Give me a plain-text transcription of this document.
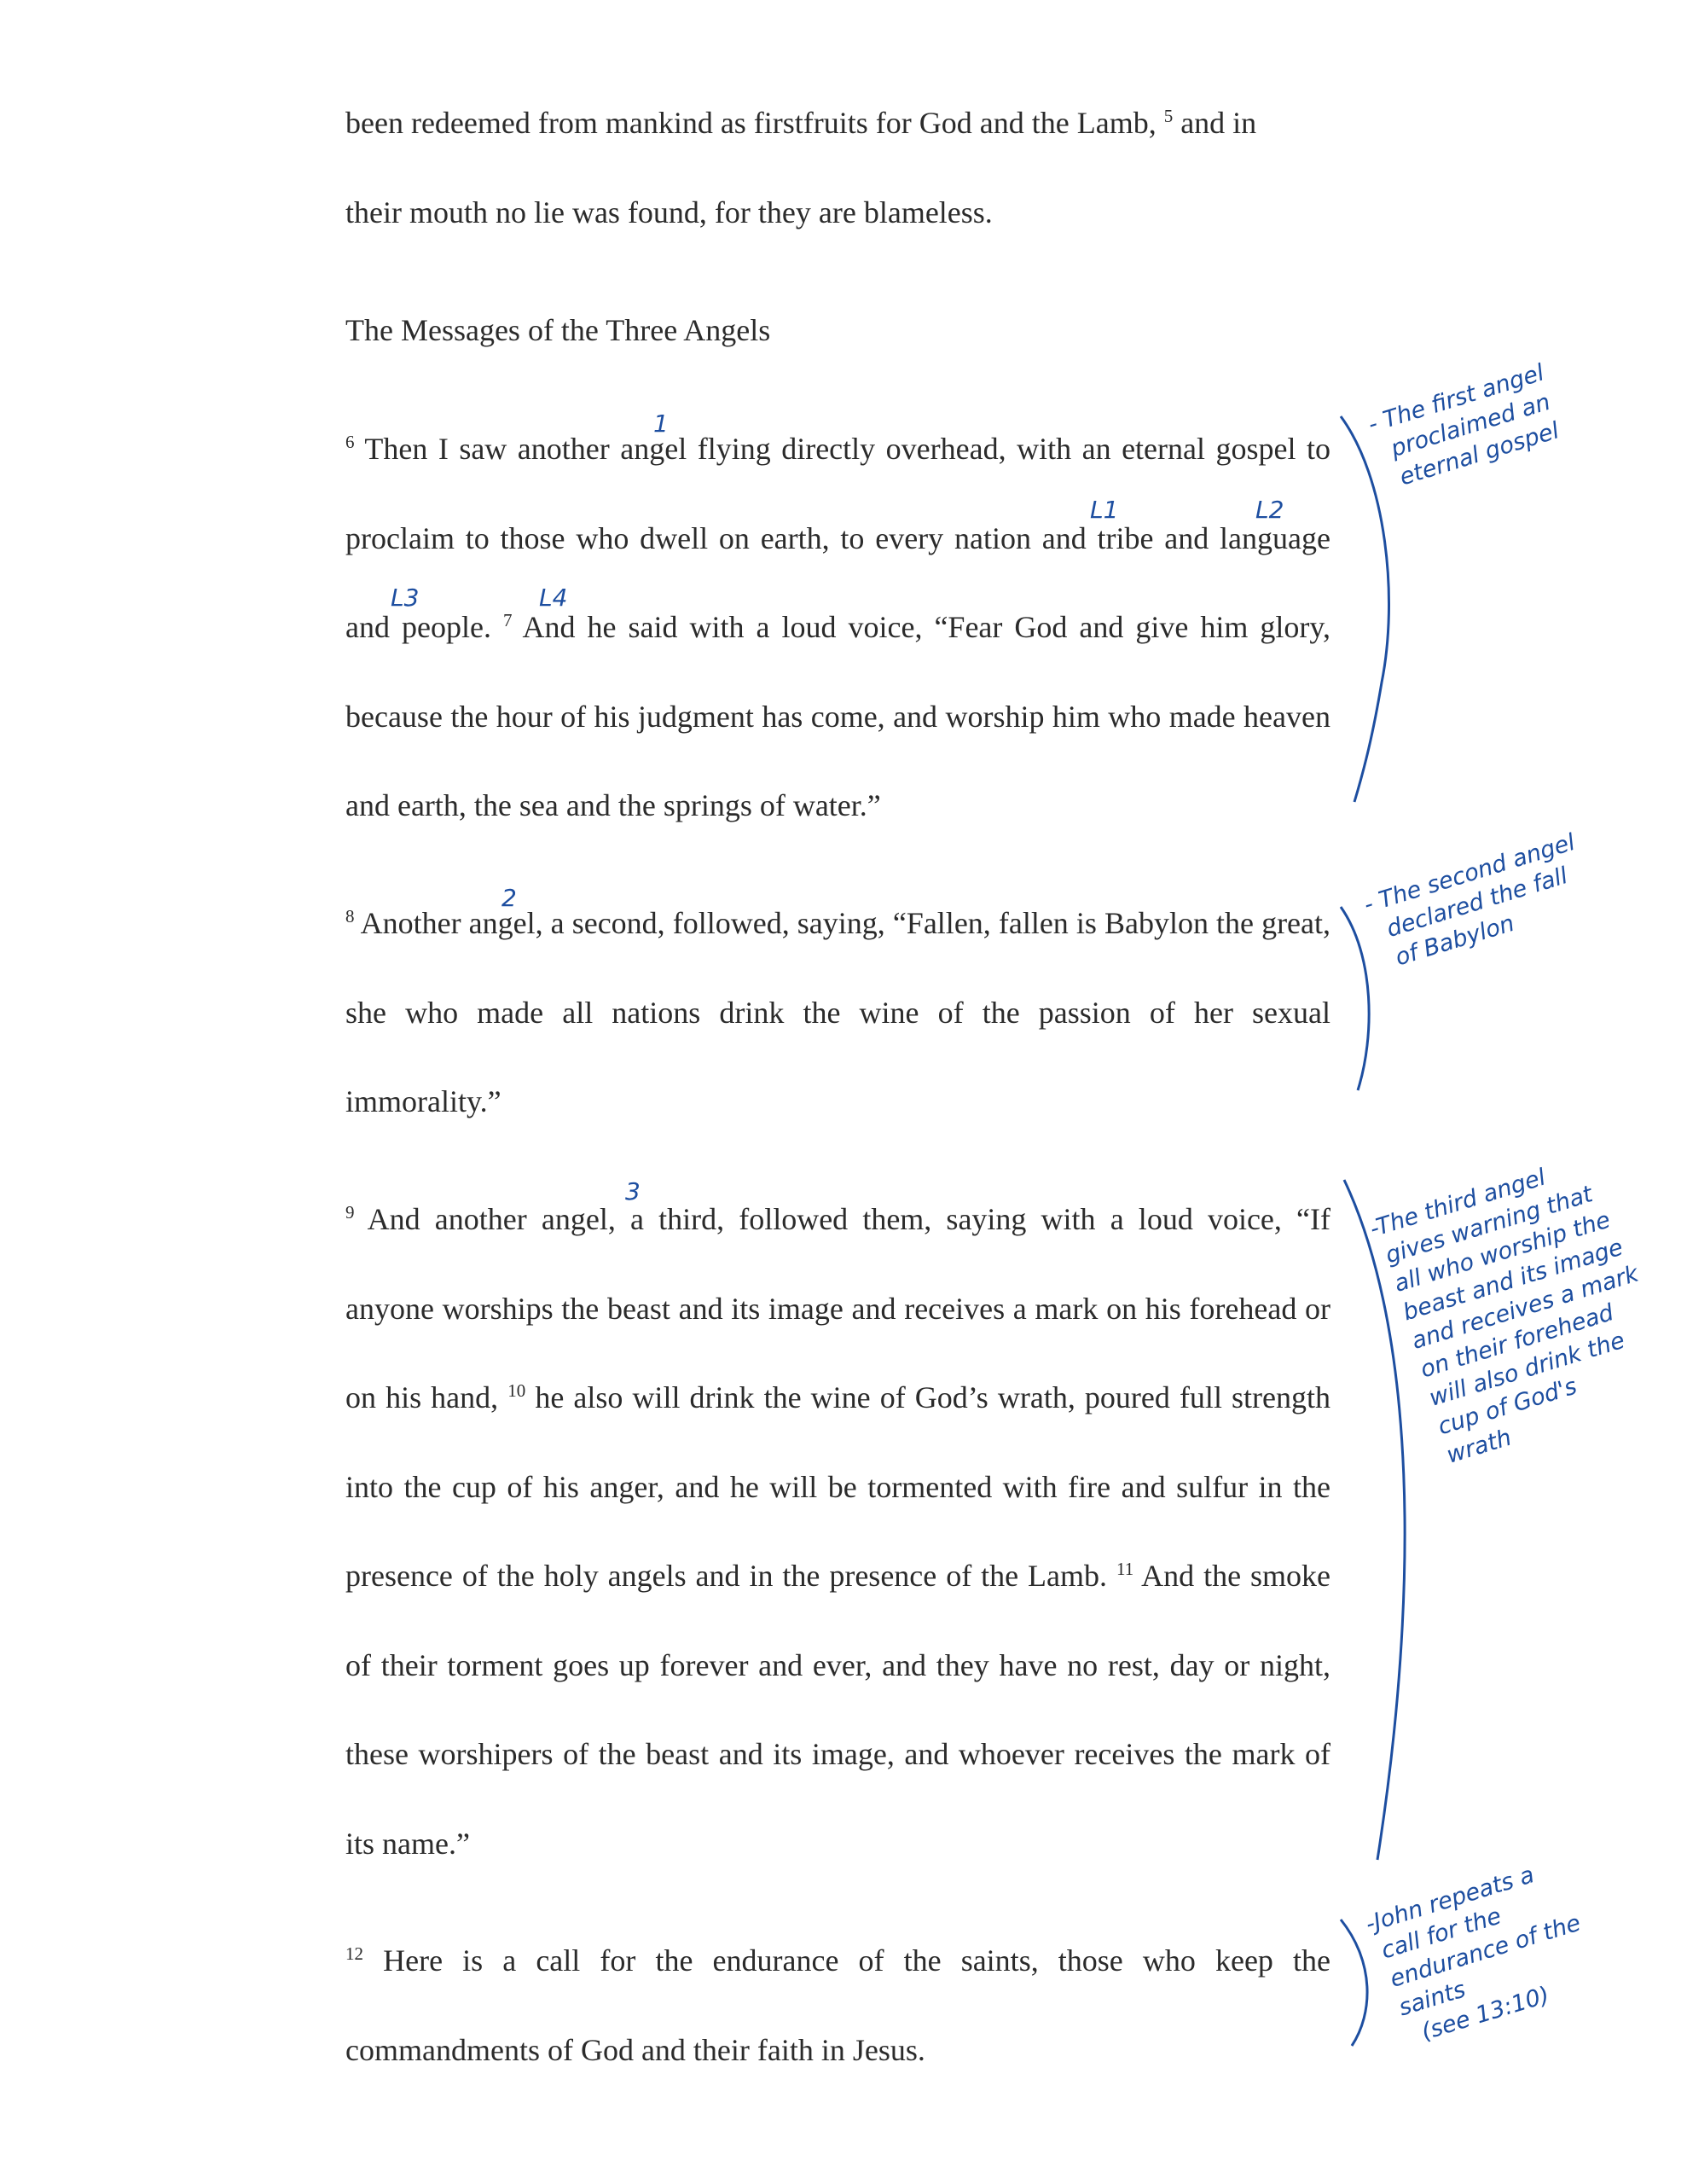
been redeemed from mankind as firstfruits for God and the Lamb, $^5$ and in

their mouth no lie was found, for they are blameless.

The Messages of the Three Angels

$^6$ Then I saw another angel flying directly overhead, with an eternal gospel to proclaim to those who dwell on earth, to every nation and tribe and language and people. $^7$ And he said with a loud voice, “Fear God and give him glory, because the hour of his judgment has come, and worship him who made heaven and earth, the sea and the springs of water.”

$^8$ Another angel, a second, followed, saying, “Fallen, fallen is Babylon the great, she who made all nations drink the wine of the passion of her sexual immorality.”

$^9$ And another angel, a third, followed them, saying with a loud voice, “If anyone worships the beast and its image and receives a mark on his forehead or on his hand, $^{10}$ he also will drink the wine of God’s wrath, poured full strength into the cup of his anger, and he will be tormented with fire and sulfur in the presence of the holy angels and in the presence of the Lamb. $^{11}$ And the smoke of their torment goes up forever and ever, and they have no rest, day or night, these worshipers of the beast and its image, and whoever receives the mark of its name.”

$^{12}$ Here is a call for the endurance of the saints, those who keep the commandments of God and their faith in Jesus.

1
L1	L2
L3	L4
2
3
- The first angel
proclaimed an
eternal gospel
- The second angel
declared the fall
of Babylon
-The third angel
gives warning that
all who worship the
beast and its image
and receives a mark
on their forehead
will also drink the
cup of God's
wrath
-John repeats a
call for the
endurance of the
saints
(see 13:10)
